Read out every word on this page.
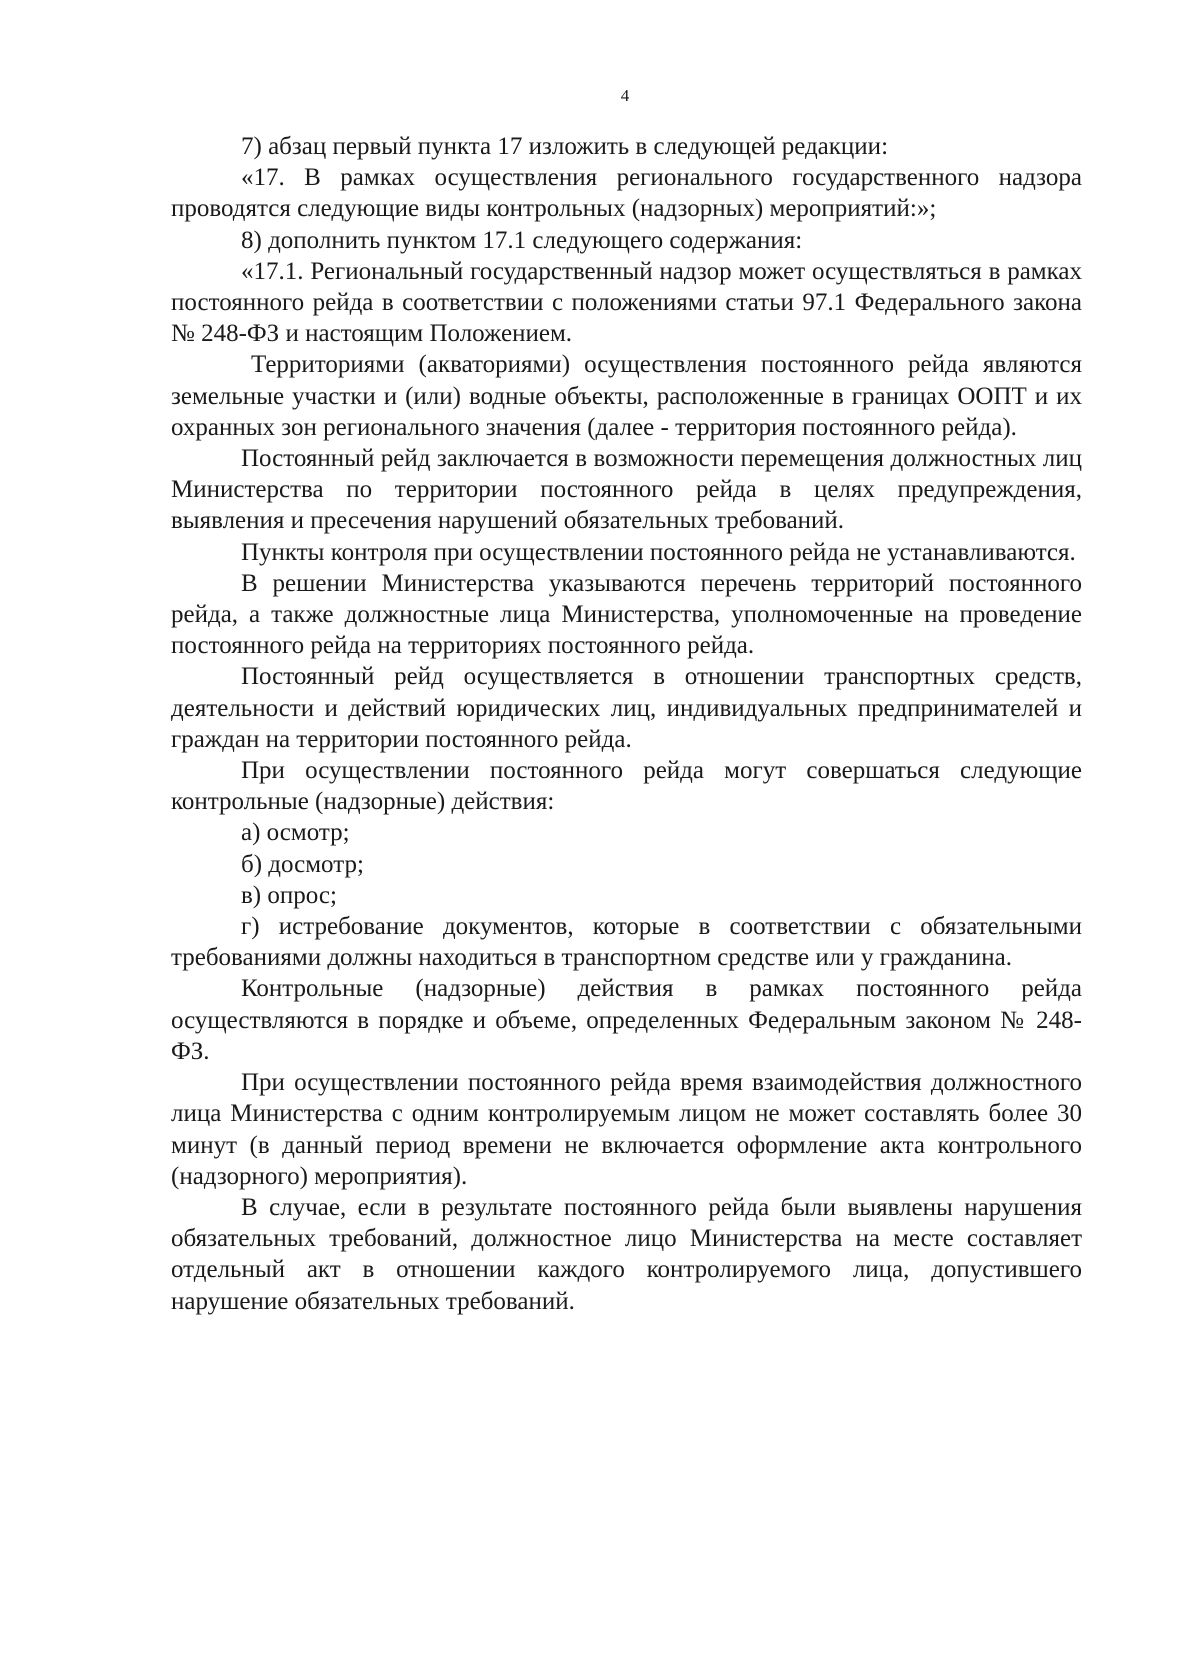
4

7) абзац первый пункта 17 изложить в следующей редакции:

«17. В рамках осуществления регионального государственного надзора проводятся следующие виды контрольных (надзорных) мероприятий:»;

8) дополнить пунктом 17.1 следующего содержания:

«17.1. Региональный государственный надзор может осуществляться в рамках постоянного рейда в соответствии с положениями статьи 97.1 Федерального закона № 248-ФЗ и настоящим Положением.

Территориями (акваториями) осуществления постоянного рейда являются земельные участки и (или) водные объекты, расположенные в границах ООПТ и их охранных зон регионального значения (далее - территория постоянного рейда).

Постоянный рейд заключается в возможности перемещения должностных лиц Министерства по территории постоянного рейда в целях предупреждения, выявления и пресечения нарушений обязательных требований.

Пункты контроля при осуществлении постоянного рейда не устанавливаются.

В решении Министерства указываются перечень территорий постоянного рейда, а также должностные лица Министерства, уполномоченные на проведение постоянного рейда на территориях постоянного рейда.

Постоянный рейд осуществляется в отношении транспортных средств, деятельности и действий юридических лиц, индивидуальных предпринимателей и граждан на территории постоянного рейда.

При осуществлении постоянного рейда могут совершаться следующие контрольные (надзорные) действия:

а) осмотр;

б) досмотр;

в) опрос;

г) истребование документов, которые в соответствии с обязательными требованиями должны находиться в транспортном средстве или у гражданина.

Контрольные (надзорные) действия в рамках постоянного рейда осуществляются в порядке и объеме, определенных Федеральным законом № 248-ФЗ.

При осуществлении постоянного рейда время взаимодействия должностного лица Министерства с одним контролируемым лицом не может составлять более 30 минут (в данный период времени не включается оформление акта контрольного (надзорного) мероприятия).

В случае, если в результате постоянного рейда были выявлены нарушения обязательных требований, должностное лицо Министерства на месте составляет отдельный акт в отношении каждого контролируемого лица, допустившего нарушение обязательных требований.
